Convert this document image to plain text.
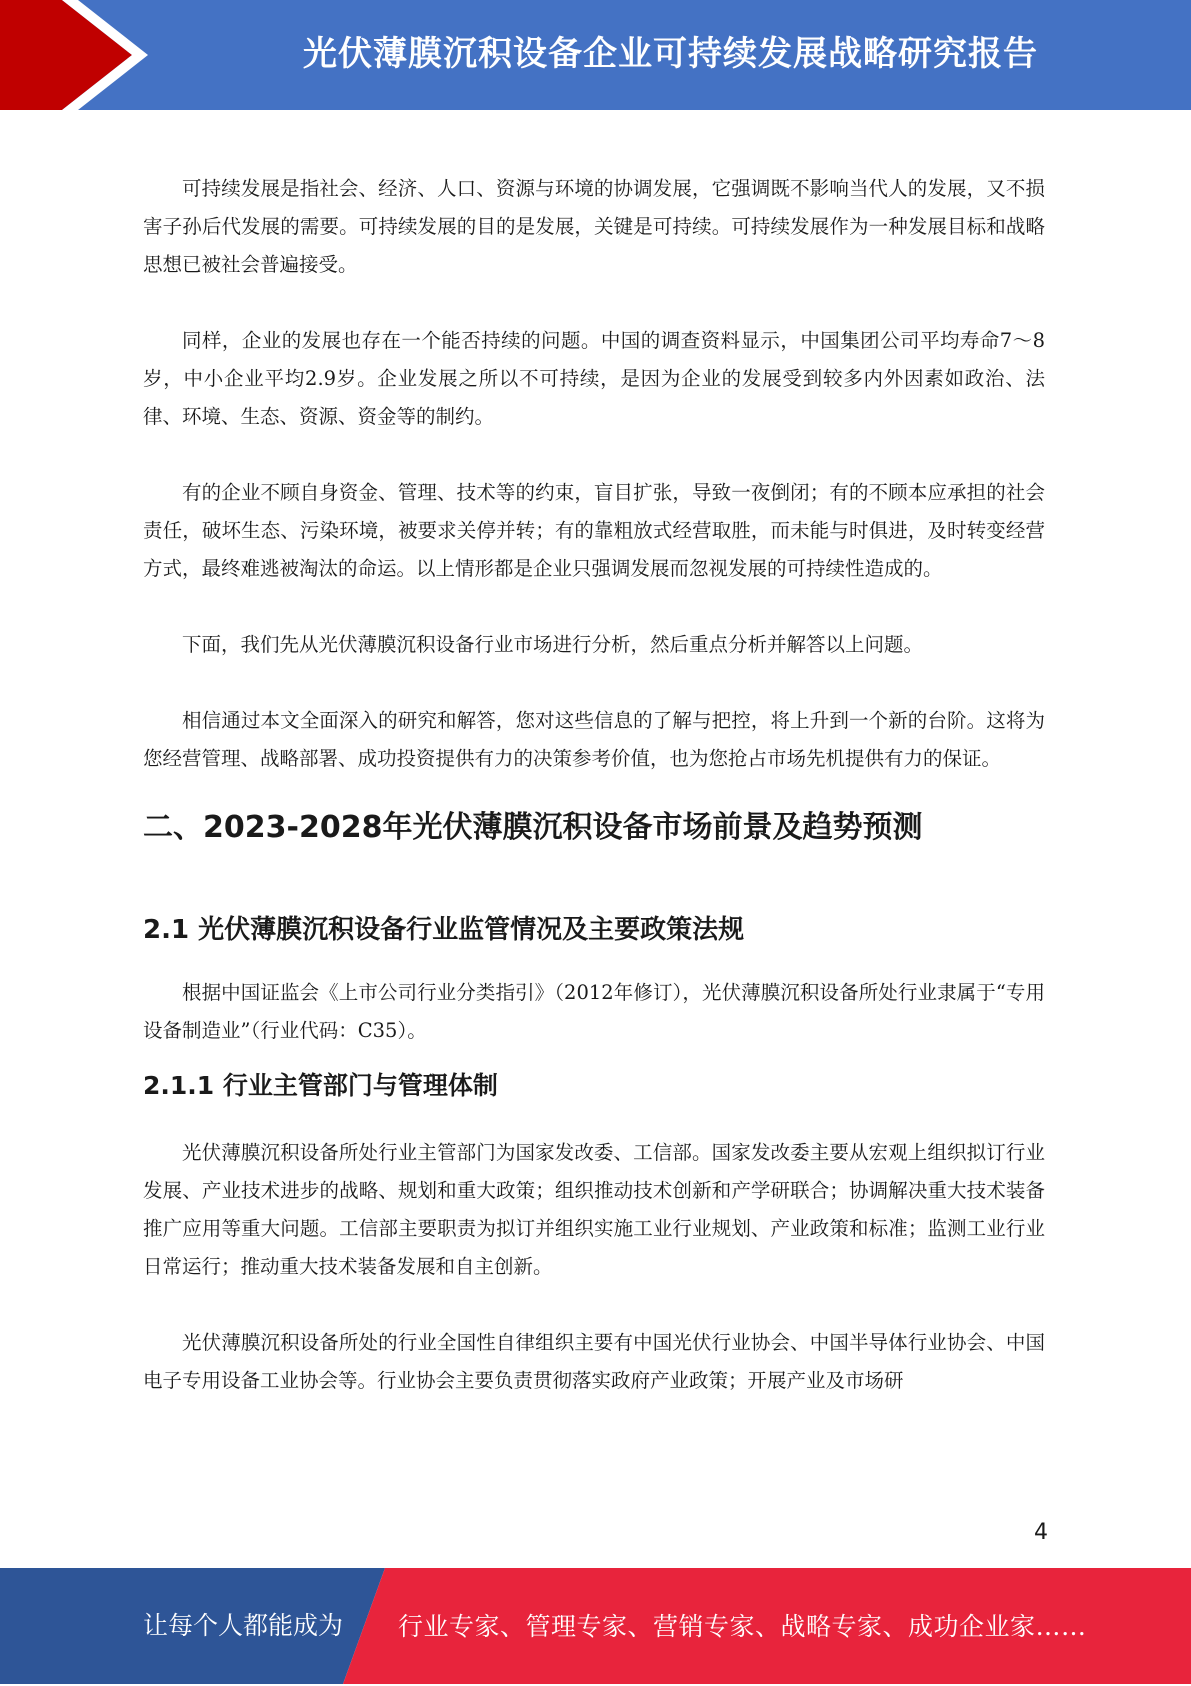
光伏薄膜沉积设备企业可持续发展战略研究报告

可持续发展是指社会、经济、人口、资源与环境的协调发展，它强调既不影响当代人的发展，又不损害子孙后代发展的需要。可持续发展的目的是发展，关键是可持续。可持续发展作为一种发展目标和战略思想已被社会普遍接受。

同样，企业的发展也存在一个能否持续的问题。中国的调查资料显示，中国集团公司平均寿命7～8岁，中小企业平均2.9岁。企业发展之所以不可持续，是因为企业的发展受到较多内外因素如政治、法律、环境、生态、资源、资金等的制约。

有的企业不顾自身资金、管理、技术等的约束，盲目扩张，导致一夜倒闭；有的不顾本应承担的社会责任，破坏生态、污染环境，被要求关停并转；有的靠粗放式经营取胜，而未能与时俱进，及时转变经营方式，最终难逃被淘汰的命运。以上情形都是企业只强调发展而忽视发展的可持续性造成的。

下面，我们先从光伏薄膜沉积设备行业市场进行分析，然后重点分析并解答以上问题。

相信通过本文全面深入的研究和解答，您对这些信息的了解与把控，将上升到一个新的台阶。这将为您经营管理、战略部署、成功投资提供有力的决策参考价值，也为您抢占市场先机提供有力的保证。

二、2023-2028年光伏薄膜沉积设备市场前景及趋势预测
2.1 光伏薄膜沉积设备行业监管情况及主要政策法规

根据中国证监会《上市公司行业分类指引》（2012年修订），光伏薄膜沉积设备所处行业隶属于“专用设备制造业”（行业代码：C35）。

2.1.1 行业主管部门与管理体制

光伏薄膜沉积设备所处行业主管部门为国家发改委、工信部。国家发改委主要从宏观上组织拟订行业发展、产业技术进步的战略、规划和重大政策；组织推动技术创新和产学研联合；协调解决重大技术装备推广应用等重大问题。工信部主要职责为拟订并组织实施工业行业规划、产业政策和标准；监测工业行业日常运行；推动重大技术装备发展和自主创新。

光伏薄膜沉积设备所处的行业全国性自律组织主要有中国光伏行业协会、中国半导体行业协会、中国电子专用设备工业协会等。行业协会主要负责贯彻落实政府产业政策；开展产业及市场研

4
让每个人都能成为 行业专家、管理专家、营销专家、战略专家、成功企业家……
